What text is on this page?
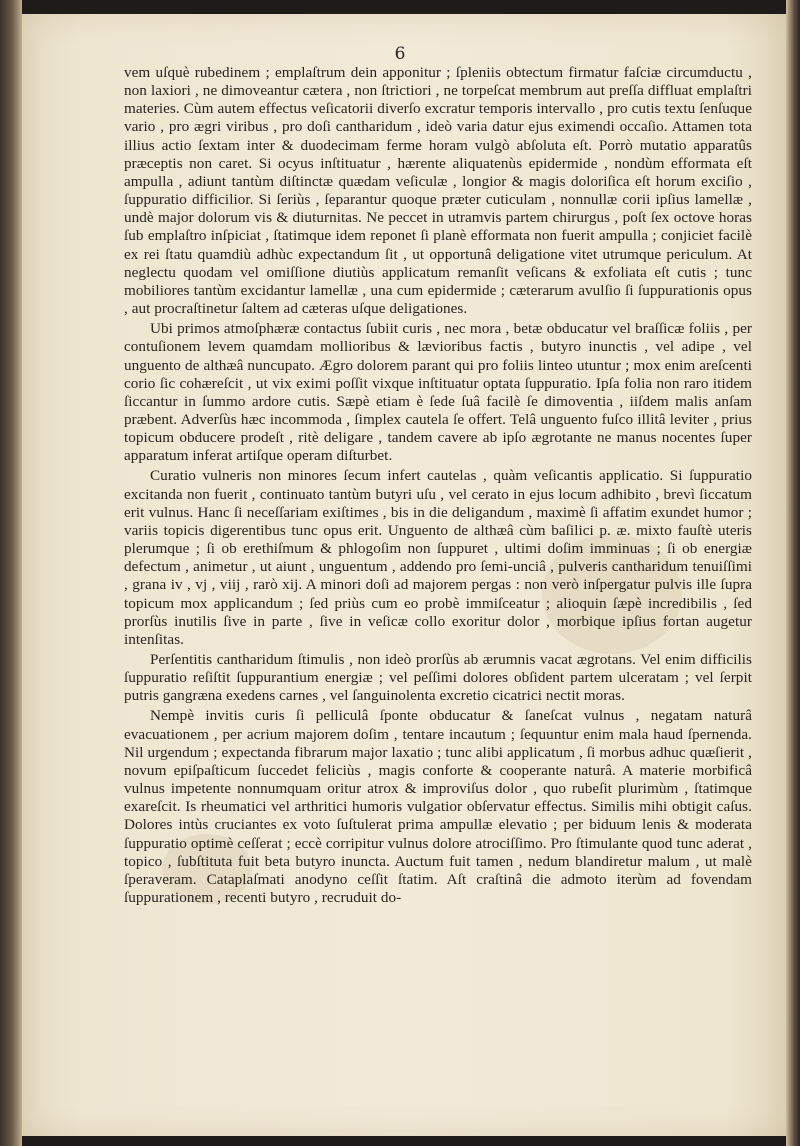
6

vem uſquè rubedinem ; emplaſtrum dein apponitur ; ſpleniis obtectum firmatur faſciæ circumductu , non laxiori , ne dimoveantur cætera , non ſtrictiori , ne torpeſcat membrum aut preſſa diffluat emplaſtri materies. Cùm autem effectus veſicatorii diverſo excratur temporis intervallo , pro cutis textu ſenſuque vario , pro ægri viribus , pro doſi cantharidum , ideò varia datur ejus eximendi occaſio. Attamen tota illius actio ſextam inter & duodecimam ferme horam vulgò abſoluta eſt. Porrò mutatio apparatûs præceptis non caret. Si ocyus inſtituatur , hærente aliquatenùs epidermide , nondùm efformata eſt ampulla , adiunt tantùm diſtinctæ quædam veſiculæ , longior & magis doloriſica eſt horum exciſio , ſuppuratio difficilior. Si ſeriùs , ſeparantur quoque præter cuticulam , nonnullæ corii ipſius lamellæ , undè major dolorum vis & diuturnitas. Ne peccet in utramvis partem chirurgus , poſt ſex octove horas ſub emplaſtro inſpiciat , ſtatimque idem reponet ſi planè efformata non fuerit ampulla ; conjiciet facilè ex rei ſtatu quamdiù adhùc expectandum ſit , ut opportunâ deligatione vitet utrumque periculum. At neglectu quodam vel omiſſione diutiùs applicatum remanſit veſicans & exfoliata eſt cutis ; tunc mobiliores tantùm excidantur lamellæ , una cum epidermide ; cæterarum avulſio ſi ſuppurationis opus , aut procraſtinetur ſaltem ad cæteras uſque deligationes.

Ubi primos atmoſphæræ contactus ſubiit curis , nec mora , betæ obducatur vel braſſicæ foliis , per contuſionem levem quamdam mollioribus & lævioribus factis , butyro inunctis , vel adipe , vel unguento de althæâ nuncupato. Ægro dolorem parant qui pro foliis linteo utuntur ; mox enim areſcenti corio ſic cohæreſcit , ut vix eximi poſſit vixque inſtituatur optata ſuppuratio. Ipſa folia non raro itidem ſiccantur in ſummo ardore cutis. Sæpè etiam è ſede ſuâ facilè ſe dimoventia , iiſdem malis anſam præbent. Adverſùs hæc incommoda , ſimplex cautela ſe offert. Telâ unguento fuſco illitâ leviter , prius topicum obducere prodeſt , ritè deligare , tandem cavere ab ipſo ægrotante ne manus nocentes ſuper apparatum inferat artiſque operam diſturbet.

Curatio vulneris non minores ſecum infert cautelas , quàm veſicantis applicatio. Si ſuppuratio excitanda non fuerit , continuato tantùm butyri uſu , vel cerato in ejus locum adhibito , brevì ſiccatum erit vulnus. Hanc ſi neceſſariam exiſtimes , bis in die deligandum , maximè ſi affatim exundet humor ; variis topicis digerentibus tunc opus erit. Unguento de althæâ cùm baſilici p. æ. mixto fauſtè uteris plerumque ; ſi ob erethiſmum & phlogoſim non ſuppuret , ultimi doſim imminuas ; ſi ob energiæ defectum , animetur , ut aiunt , unguentum , addendo pro ſemi-unciâ , pulveris cantharidum tenuiſſimi , grana iv , vj , viij , rarò xij. A minori doſi ad majorem pergas : non verò inſpergatur pulvis ille ſupra topicum mox applicandum ; ſed priùs cum eo probè immiſceatur ; alioquin ſæpè incredibilis , ſed prorſùs inutilis ſive in parte , ſive in veſicæ collo exoritur dolor , morbique ipſius fortan augetur intenſitas.

Perſentitis cantharidum ſtimulis , non ideò prorſùs ab ærumnis vacat ægrotans. Vel enim difficilis ſuppuratio reſiſtit ſuppurantium energiæ ; vel peſſimi dolores obſident partem ulceratam ; vel ſerpit putris gangræna exedens carnes , vel ſanguinolenta excretio cicatrici nectit moras.

Nempè invitis curis ſi pelliculâ ſponte obducatur & ſaneſcat vulnus , negatam naturâ evacuationem , per acrium majorem doſim , tentare incautum ; ſequuntur enim mala haud ſpernenda. Nil urgendum ; expectanda fibrarum major laxatio ; tunc alibi applicatum , ſi morbus adhuc quæſierit , novum epiſpaſticum ſuccedet feliciùs , magis conforte & cooperante naturâ. A materie morbificâ vulnus impetente nonnumquam oritur atrox & improviſus dolor , quo rubeſit plurimùm , ſtatimque exareſcit. Is rheumatici vel arthritici humoris vulgatior obſervatur effectus. Similis mihi obtigit caſus. Dolores intùs cruciantes ex voto ſuſtulerat prima ampullæ elevatio ; per biduum lenis & moderata ſuppuratio optimè ceſſerat ; eccè corripitur vulnus dolore atrociſſimo. Pro ſtimulante quod tunc aderat , topico , ſubſtituta fuit beta butyro inuncta. Auctum fuit tamen , nedum blandiretur malum , ut malè ſperaveram. Cataplaſmati anodyno ceſſit ſtatim. Aſt craſtinâ die admoto iterùm ad fovendam ſuppurationem , recenti butyro , recruduit do-
